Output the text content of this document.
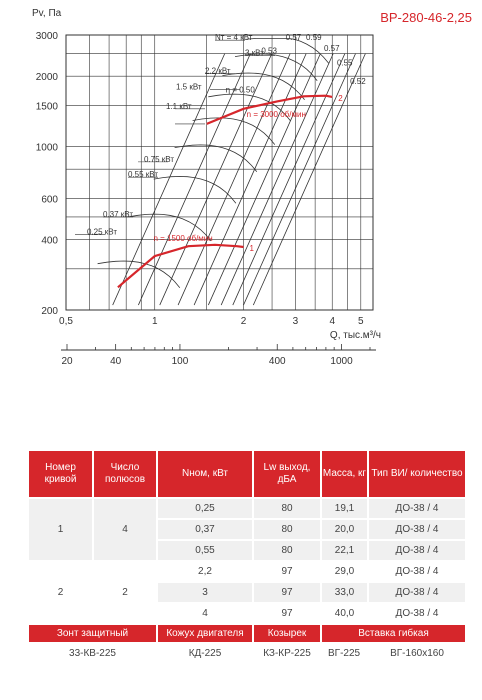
ВР-280-46-2,25
Pv, Па
Q, тыс.м³/ч
200
400
600
1000
1500
2000
3000
0,5	1	2	3	4 5
20	40	100	400	1000
1
2
n = 1500 об/мин
n = 3000 об/мин
η = 0.50
0.53
0.57 0.59
0.57
0.55
0.52
Nт = 4 кВт
3 кВт
2.2 кВт
1.5 кВт
1.1 кВт
0.75 кВт
0.55 кВт
0.37 кВт
0.25 кВт
Номер кривой	Число полюсов	Nном, кВт	Lw выход, дБА	Масса, кг	Тип ВИ/ количество
1	4	0,25	80	19,1	ДО-38 / 4
		0,37	80	20,0	ДО-38 / 4
		0,55	80	22,1	ДО-38 / 4
2	2	2,2	97	29,0	ДО-38 / 4
		3	97	33,0	ДО-38 / 4
		4	97	40,0	ДО-38 / 4
Зонт защитный		Кожух двигателя	Козырек	Вставка гибкая	
33-КВ-225		КД-225	КЗ-КР-225	ВГ-225	ВГ-160х160
